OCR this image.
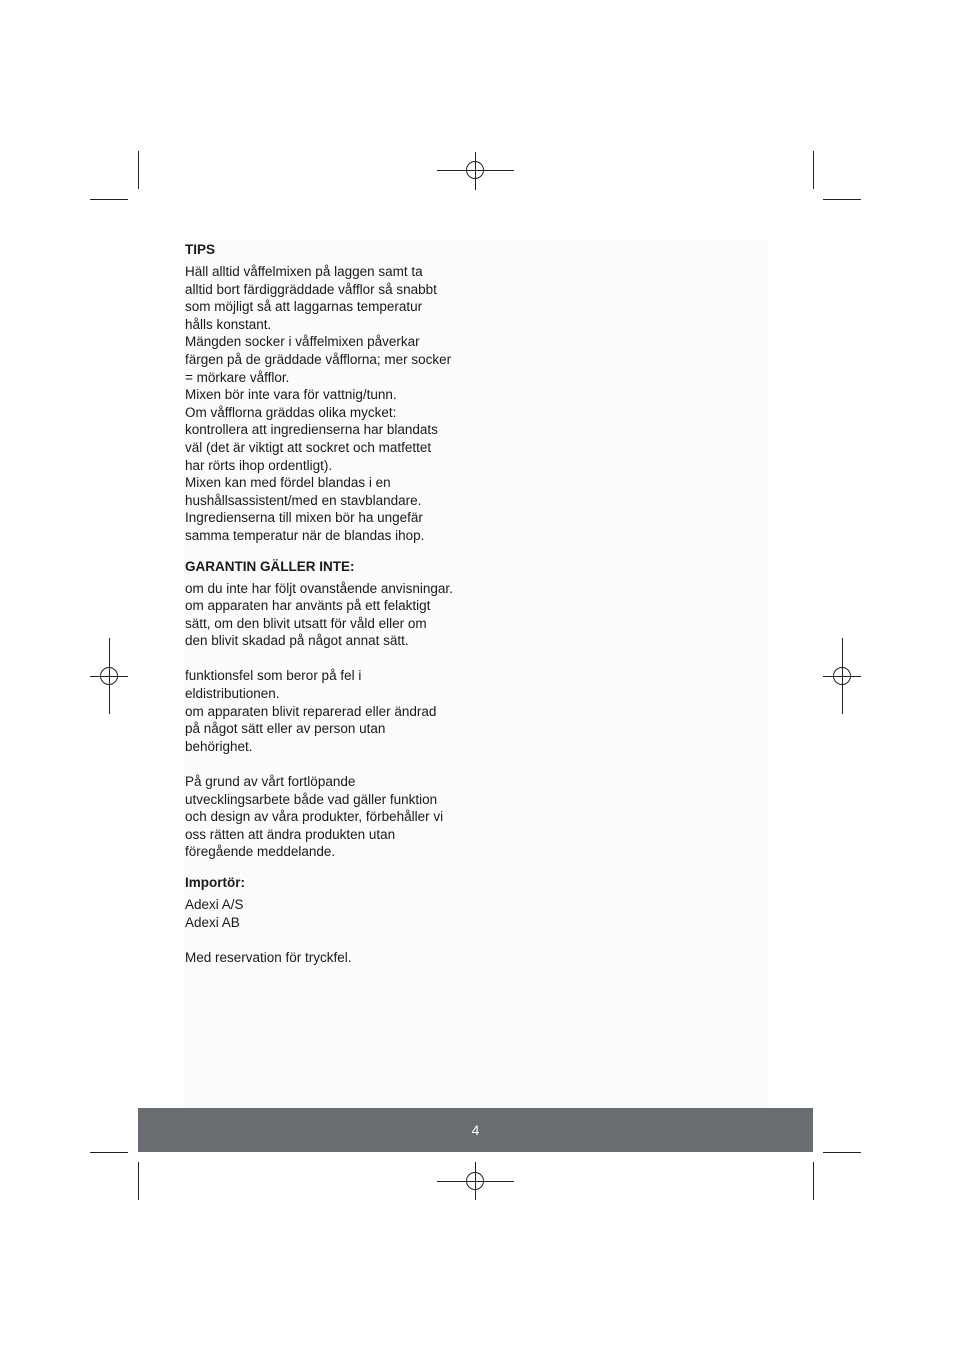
TIPS

Häll alltid våffelmixen på laggen samt ta
alltid bort färdiggräddade våfflor så snabbt
som möjligt så att laggarnas temperatur
hålls konstant.
Mängden socker i våffelmixen påverkar
färgen på de gräddade våfflorna; mer socker
= mörkare våfflor.
Mixen bör inte vara för vattnig/tunn.
Om våfflorna gräddas olika mycket:
kontrollera att ingredienserna har blandats
väl (det är viktigt att sockret och matfettet
har rörts ihop ordentligt).
Mixen kan med fördel blandas i en
hushållsassistent/med en stavblandare.
Ingredienserna till mixen bör ha ungefär
samma temperatur när de blandas ihop.

GARANTIN GÄLLER INTE:

om du inte har följt ovanstående anvisningar.
om apparaten har använts på ett felaktigt
sätt, om den blivit utsatt för våld eller om
den blivit skadad på något annat sätt.

funktionsfel som beror på fel i
eldistributionen.
om apparaten blivit reparerad eller ändrad
på något sätt eller av person utan
behörighet.

På grund av vårt fortlöpande
utvecklingsarbete både vad gäller funktion
och design av våra produkter, förbehåller vi
oss rätten att ändra produkten utan
föregående meddelande.

Importör:

Adexi A/S
Adexi AB

Med reservation för tryckfel.

4
